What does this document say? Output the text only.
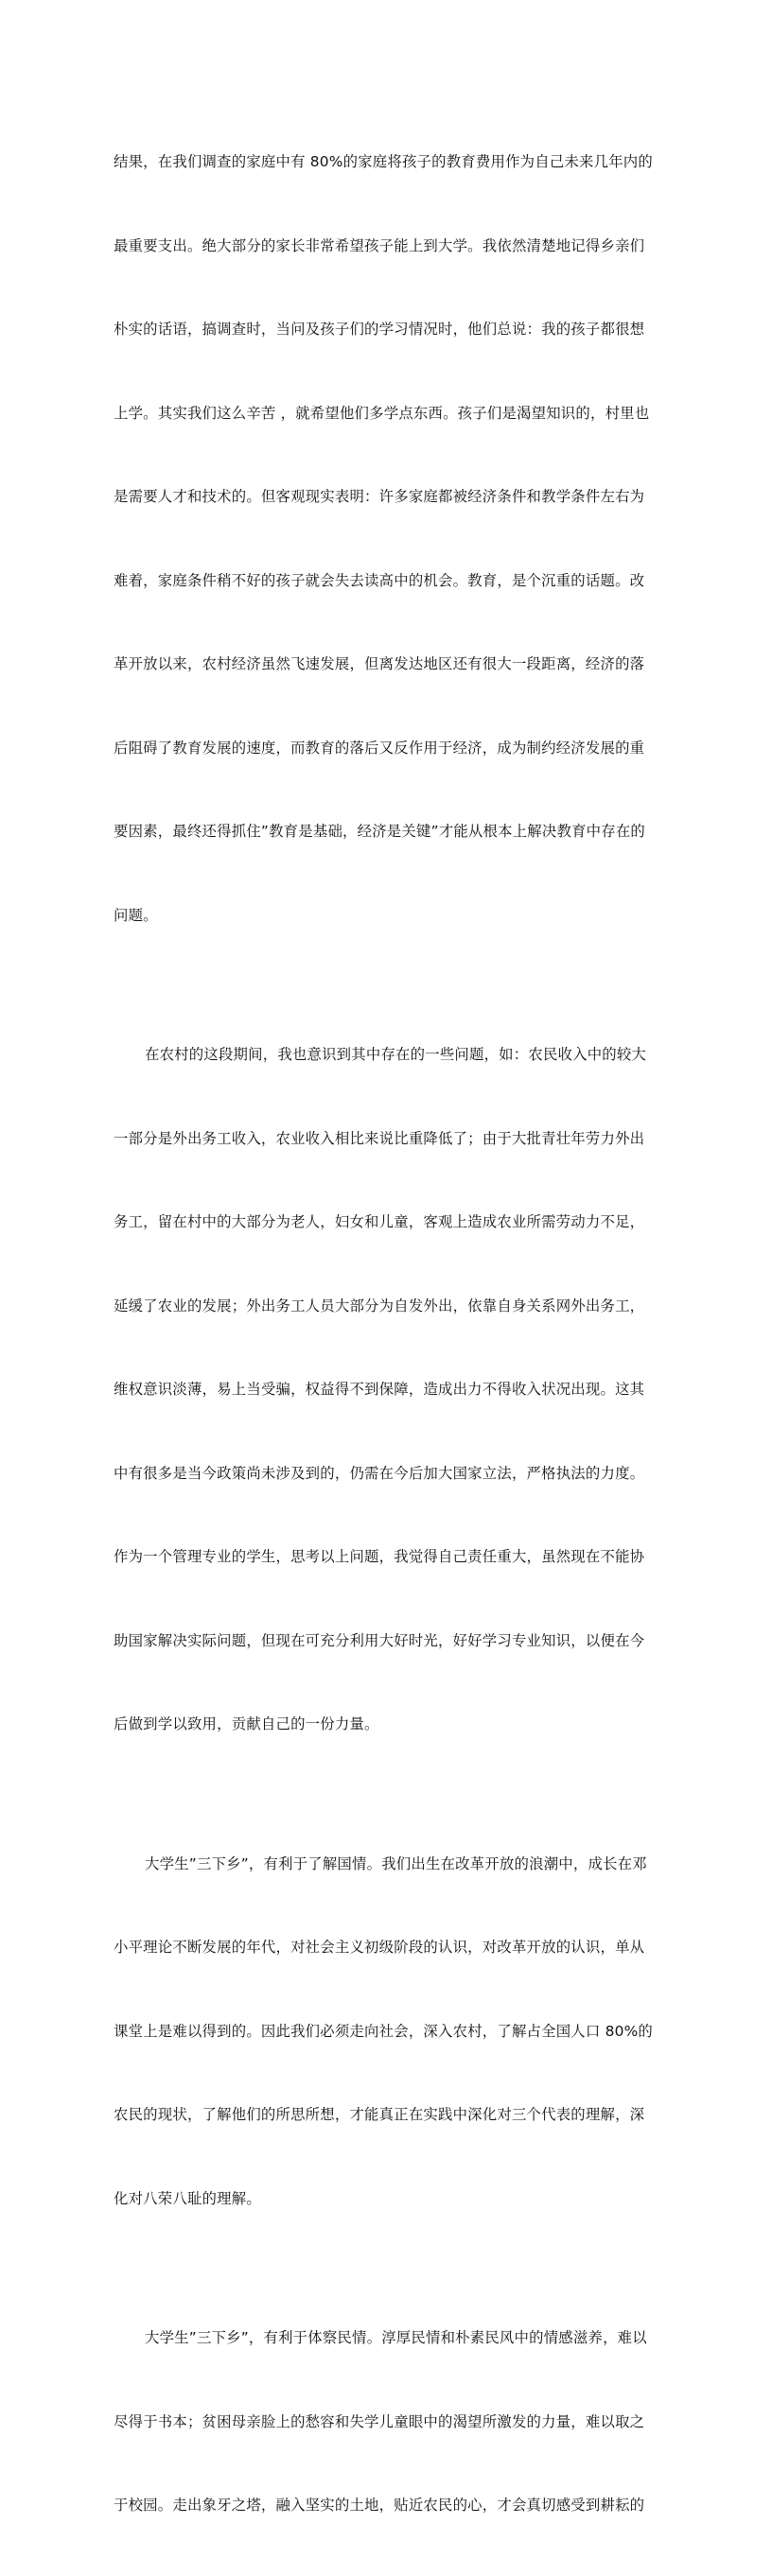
结果，在我们调查的家庭中有 80%的家庭将孩子的教育费用作为自己未来几年内的

最重要支出。绝大部分的家长非常希望孩子能上到大学。我依然清楚地记得乡亲们

朴实的话语，搞调查时，当问及孩子们的学习情况时，他们总说：我的孩子都很想

上学。其实我们这么辛苦 ，就希望他们多学点东西。孩子们是渴望知识的，村里也

是需要人才和技术的。但客观现实表明：许多家庭都被经济条件和教学条件左右为

难着，家庭条件稍不好的孩子就会失去读高中的机会。教育，是个沉重的话题。改

革开放以来，农村经济虽然飞速发展，但离发达地区还有很大一段距离，经济的落

后阻碍了教育发展的速度，而教育的落后又反作用于经济，成为制约经济发展的重

要因素，最终还得抓住”教育是基础，经济是关键”才能从根本上解决教育中存在的

问题。

在农村的这段期间，我也意识到其中存在的一些问题，如：农民收入中的较大

一部分是外出务工收入，农业收入相比来说比重降低了；由于大批青壮年劳力外出

务工，留在村中的大部分为老人，妇女和儿童，客观上造成农业所需劳动力不足，

延缓了农业的发展；外出务工人员大部分为自发外出，依靠自身关系网外出务工，

维权意识淡薄，易上当受骗，权益得不到保障，造成出力不得收入状况出现。这其

中有很多是当今政策尚未涉及到的，仍需在今后加大国家立法，严格执法的力度。

作为一个管理专业的学生，思考以上问题，我觉得自己责任重大，虽然现在不能协

助国家解决实际问题，但现在可充分利用大好时光，好好学习专业知识，以便在今

后做到学以致用，贡献自己的一份力量。

大学生”三下乡”，有利于了解国情。我们出生在改革开放的浪潮中，成长在邓

小平理论不断发展的年代，对社会主义初级阶段的认识，对改革开放的认识，单从

课堂上是难以得到的。因此我们必须走向社会，深入农村，了解占全国人口 80%的

农民的现状，了解他们的所思所想，才能真正在实践中深化对三个代表的理解，深

化对八荣八耻的理解。

大学生”三下乡”，有利于体察民情。淳厚民情和朴素民风中的情感滋养，难以

尽得于书本；贫困母亲脸上的愁容和失学儿童眼中的渴望所激发的力量，难以取之

于校园。走出象牙之塔，融入坚实的土地，贴近农民的心，才会真切感受到耕耘的
